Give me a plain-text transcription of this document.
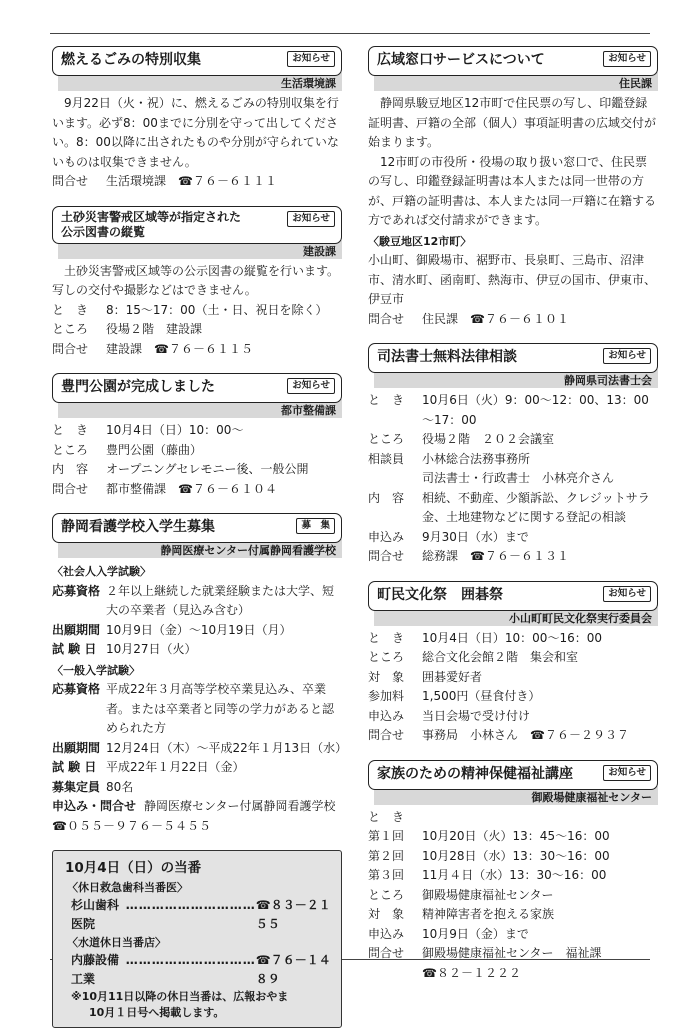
燃えるごみの特別収集	お知らせ
生活環境課

9月22日（火・祝）に、燃えるごみの特別収集を行います。必ず8：00までに分別を守って出してください。8：00以降に出されたものや分別が守られていないものは収集できません。

問合せ	生活環境課　☎７６－６１１１
土砂災害警戒区域等が指定された
公示図書の縦覧
お知らせ
建設課

土砂災害警戒区域等の公示図書の縦覧を行います。写しの交付や撮影などはできません。

と　き	8：15～17：00（土・日、祝日を除く）
ところ	役場２階　建設課
問合せ	建設課　☎７６－６１１５
豊門公園が完成しました	お知らせ
都市整備課
と　き	10月4日（日）10：00～
ところ	豊門公園（藤曲）
内　容	オープニングセレモニー後、一般公開
問合せ	都市整備課　☎７６－６１０４
静岡看護学校入学生募集	募　集
静岡医療センター付属静岡看護学校
〈社会人入学試験〉
応募資格 ２年以上継続した就業経験または大学、短大の卒業者（見込み含む）
出願期間 10月9日（金）～10月19日（月）
試 験 日 10月27日（火）
〈一般入学試験〉
応募資格 平成22年３月高等学校卒業見込み、卒業者。または卒業者と同等の学力があると認められた方
出願期間 12月24日（木）～平成22年１月13日（水）
試 験 日 平成22年１月22日（金）
募集定員 80名
申込み・問合せ 静岡医療センター付属静岡看護学校
☎０５５－９７６－５４５５
10月4日（日）の当番
〈休日救急歯科当番医〉
杉山歯科医院
………………………… ☎８３－２１５５
〈水道休日当番店〉
内藤設備工業
………………………… ☎７６－１４８９
※10月11日以降の休日当番は、広報おやま
10月１日号へ掲載します。
広域窓口サービスについて	お知らせ
住民課

静岡県駿豆地区12市町で住民票の写し、印鑑登録証明書、戸籍の全部（個人）事項証明書の広域交付が始まります。

12市町の市役所・役場の取り扱い窓口で、住民票の写し、印鑑登録証明書は本人または同一世帯の方が、戸籍の証明書は、本人または同一戸籍に在籍する方であれば交付請求ができます。

〈駿豆地区12市町〉
小山町、御殿場市、裾野市、長泉町、三島市、沼津市、清水町、函南町、熱海市、伊豆の国市、伊東市、伊豆市
問合せ	住民課　☎７６－６１０１
司法書士無料法律相談	お知らせ
静岡県司法書士会
と　き	10月6日（火）9：00～12：00、13：00～17：00
ところ	役場２階　２０２会議室
相談員	小林総合法務事務所
司法書士・行政書士　小林亮介さん
内　容	相続、不動産、少額訴訟、クレジットサラ金、土地建物などに関する登記の相談
申込み	9月30日（水）まで
問合せ	総務課　☎７６－６１３１
町民文化祭　囲碁祭	お知らせ
小山町町民文化祭実行委員会
と　き	10月4日（日）10：00～16：00
ところ	総合文化会館２階　集会和室
対　象	囲碁愛好者
参加料	1,500円（昼食付き）
申込み	当日会場で受け付け
問合せ	事務局　小林さん　☎７６－２９３７
家族のための精神保健福祉講座	お知らせ
御殿場健康福祉センター
と　き
第１回	10月20日（火）13：45～16：00
第２回	10月28日（水）13：30～16：00
第３回	11月４日（水）13：30～16：00
ところ	御殿場健康福祉センター
対　象	精神障害者を抱える家族
申込み	10月9日（金）まで
問合せ	御殿場健康福祉センター　福祉課
☎８２－１２２２
